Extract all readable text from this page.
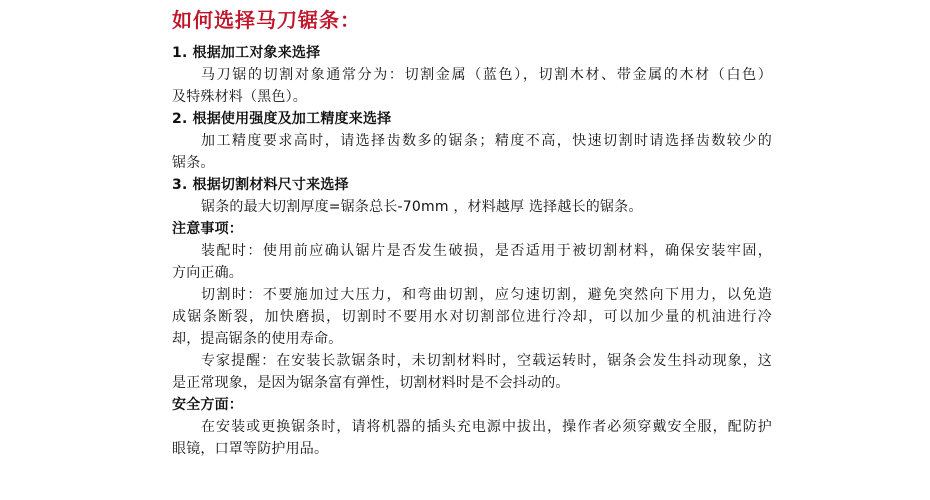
如何选择马刀锯条：
1. 根据加工对象来选择
马刀锯的切割对象通常分为：切割金属（蓝色），切割木材、带金属的木材（白色）
及特殊材料（黑色）。
2. 根据使用强度及加工精度来选择
加工精度要求高时，请选择齿数多的锯条；精度不高，快速切割时请选择齿数较少的
锯条。
3. 根据切割材料尺寸来选择
锯条的最大切割厚度=锯条总长-70mm ，材料越厚 选择越长的锯条。
注意事项：
装配时：使用前应确认锯片是否发生破损，是否适用于被切割材料，确保安装牢固，
方向正确。
切割时：不要施加过大压力，和弯曲切割，应匀速切割，避免突然向下用力，以免造
成锯条断裂，加快磨损，切割时不要用水对切割部位进行冷却，可以加少量的机油进行冷
却，提高锯条的使用寿命。
专家提醒：在安装长款锯条时，未切割材料时，空载运转时，锯条会发生抖动现象，这
是正常现象，是因为锯条富有弹性，切割材料时是不会抖动的。
安全方面：
在安装或更换锯条时，请将机器的插头充电源中拔出，操作者必须穿戴安全服，配防护
眼镜，口罩等防护用品。
